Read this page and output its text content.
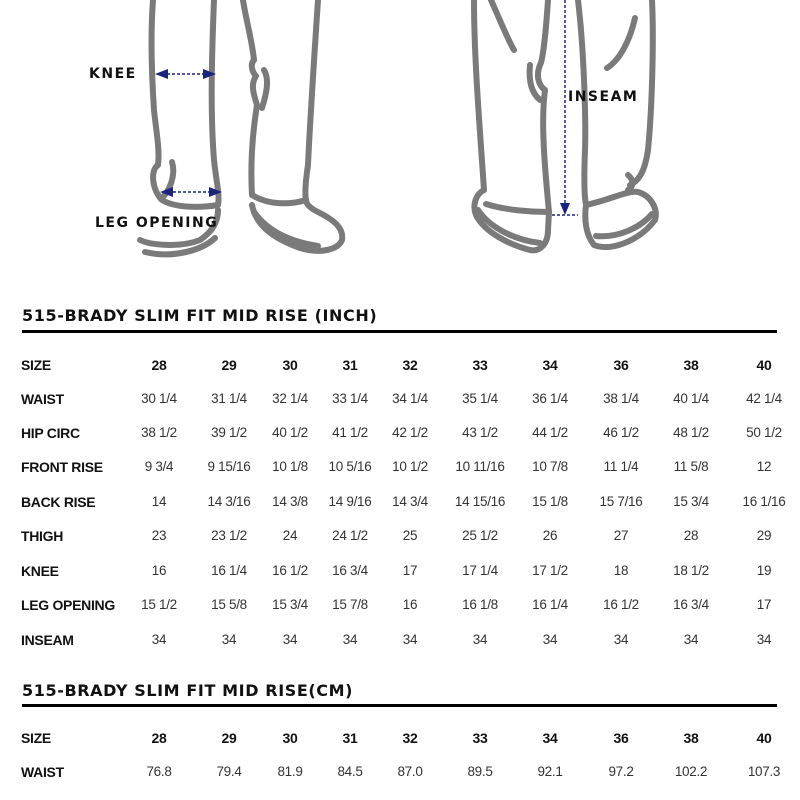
KNEE
LEG OPENING
INSEAM
515-BRADY SLIM FIT MID RISE (INCH)
SIZE	28	29	30	31	32	33	34	36	38	40
WAIST	30 1/4	31 1/4	32 1/4	33 1/4	34 1/4	35 1/4	36 1/4	38 1/4	40 1/4	42 1/4
HIP CIRC	38 1/2	39 1/2	40 1/2	41 1/2	42 1/2	43 1/2	44 1/2	46 1/2	48 1/2	50 1/2
FRONT RISE	9 3/4	9 15/16	10 1/8	10 5/16	10 1/2	10 11/16	10 7/8	11 1/4	11 5/8	12
BACK RISE	14	14 3/16	14 3/8	14 9/16	14 3/4	14 15/16	15 1/8	15 7/16	15 3/4	16 1/16
THIGH	23	23 1/2	24	24 1/2	25	25 1/2	26	27	28	29
KNEE	16	16 1/4	16 1/2	16 3/4	17	17 1/4	17 1/2	18	18 1/2	19
LEG OPENING	15 1/2	15 5/8	15 3/4	15 7/8	16	16 1/8	16 1/4	16 1/2	16 3/4	17
INSEAM	34	34	34	34	34	34	34	34	34	34
515-BRADY SLIM FIT MID RISE(CM)
SIZE	28	29	30	31	32	33	34	36	38	40
WAIST	76.8	79.4	81.9	84.5	87.0	89.5	92.1	97.2	102.2	107.3
